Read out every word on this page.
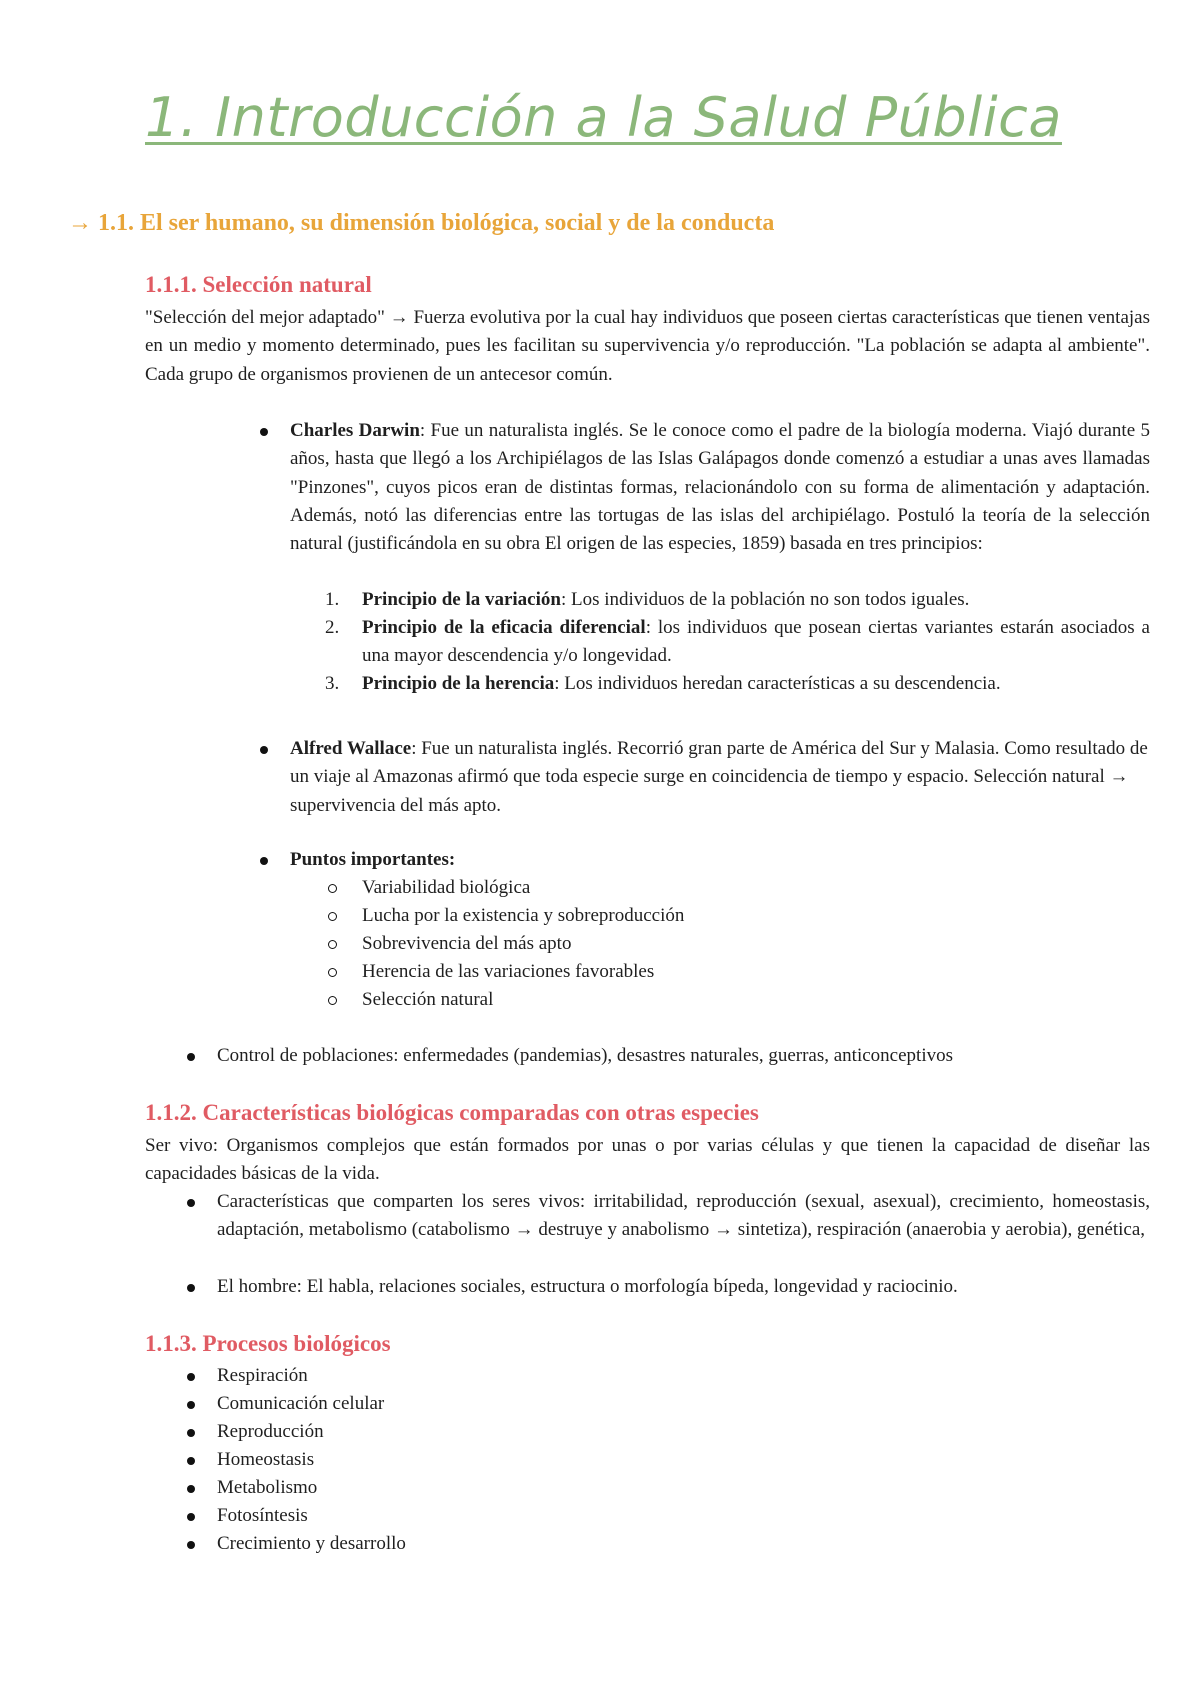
1. Introducción a la Salud Pública
→ 1.1. El ser humano, su dimensión biológica, social y de la conducta
1.1.1. Selección natural

"Selección del mejor adaptado" → Fuerza evolutiva por la cual hay individuos que poseen ciertas características que tienen ventajas en un medio y momento determinado, pues les facilitan su supervivencia y/o reproducción. "La población se adapta al ambiente". Cada grupo de organismos provienen de un antecesor común.

Charles Darwin: Fue un naturalista inglés. Se le conoce como el padre de la biología moderna. Viajó durante 5 años, hasta que llegó a los Archipiélagos de las Islas Galápagos donde comenzó a estudiar a unas aves llamadas "Pinzones", cuyos picos eran de distintas formas, relacionándolo con su forma de alimentación y adaptación. Además, notó las diferencias entre las tortugas de las islas del archipiélago. Postuló la teoría de la selección natural (justificándola en su obra El origen de las especies, 1859) basada en tres principios:
1. Principio de la variación: Los individuos de la población no son todos iguales.
2. Principio de la eficacia diferencial: los individuos que posean ciertas variantes estarán asociados a una mayor descendencia y/o longevidad.
3. Principio de la herencia: Los individuos heredan características a su descendencia.
Alfred Wallace: Fue un naturalista inglés. Recorrió gran parte de América del Sur y Malasia. Como resultado de un viaje al Amazonas afirmó que toda especie surge en coincidencia de tiempo y espacio. Selección natural → supervivencia del más apto.
Puntos importantes:
Variabilidad biológica
Lucha por la existencia y sobreproducción
Sobrevivencia del más apto
Herencia de las variaciones favorables
Selección natural
Control de poblaciones: enfermedades (pandemias), desastres naturales, guerras, anticonceptivos
1.1.2. Características biológicas comparadas con otras especies

Ser vivo: Organismos complejos que están formados por unas o por varias células y que tienen la capacidad de diseñar las capacidades básicas de la vida.

Características que comparten los seres vivos: irritabilidad, reproducción (sexual, asexual), crecimiento, homeostasis, adaptación, metabolismo (catabolismo → destruye y anabolismo → sintetiza), respiración (anaerobia y aerobia), genética,
El hombre: El habla, relaciones sociales, estructura o morfología bípeda, longevidad y raciocinio.
1.1.3. Procesos biológicos
Respiración
Comunicación celular
Reproducción
Homeostasis
Metabolismo
Fotosíntesis
Crecimiento y desarrollo
